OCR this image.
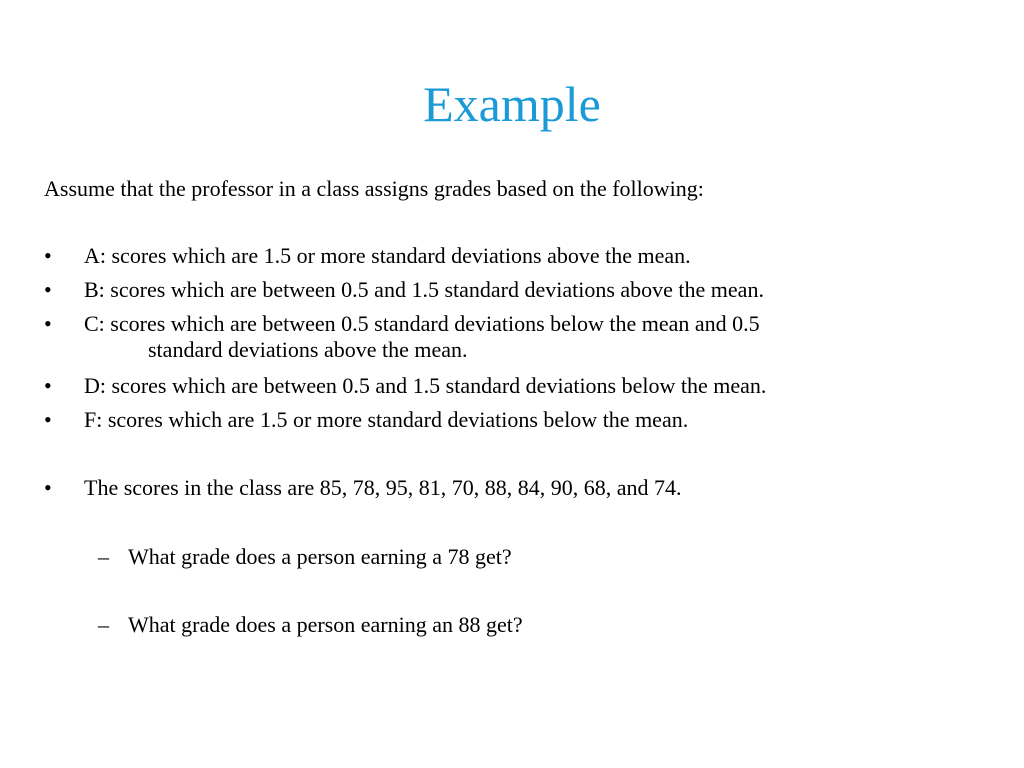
Example
Assume that the professor in a class assigns grades based on the following:
• A: scores which are 1.5 or more standard deviations above the mean.
• B: scores which are between 0.5 and 1.5 standard deviations above the mean.
• C: scores which are between 0.5 standard deviations below the mean and 0.5
standard deviations above the mean.
• D: scores which are between 0.5 and 1.5 standard deviations below the mean.
• F: scores which are 1.5 or more standard deviations below the mean.
• The scores in the class are 85, 78, 95, 81, 70, 88, 84, 90, 68, and 74.
– What grade does a person earning a 78 get?
– What grade does a person earning an 88 get?
